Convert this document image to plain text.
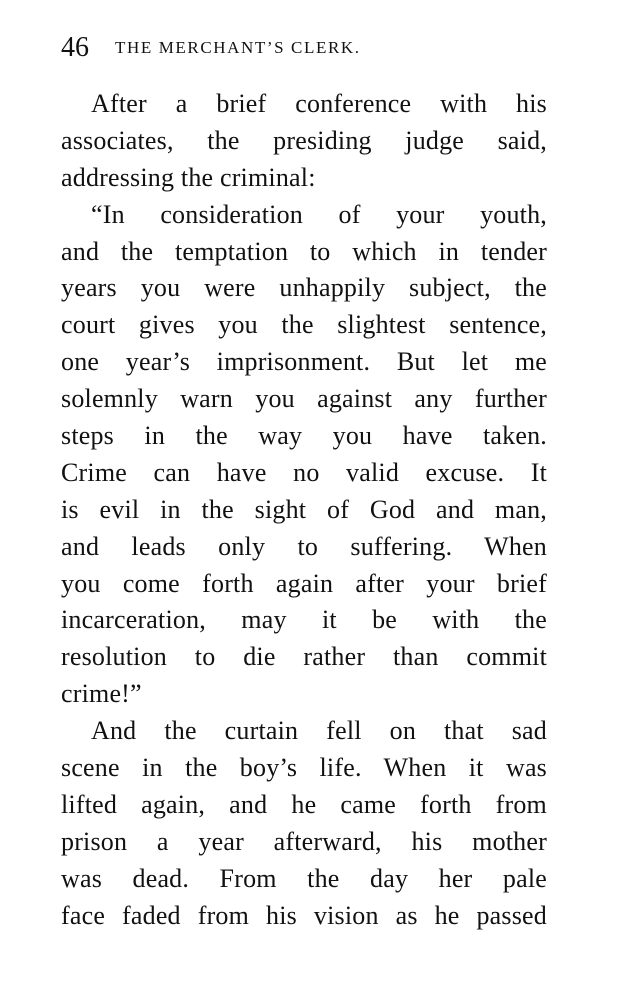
46 THE MERCHANT’S CLERK.
After a brief conference with his
associates, the presiding judge said,
addressing the criminal:
“In consideration of your youth,
and the temptation to which in tender
years you were unhappily subject, the
court gives you the slightest sentence,
one year’s imprisonment. But let me
solemnly warn you against any further
steps in the way you have taken.
Crime can have no valid excuse. It
is evil in the sight of God and man,
and leads only to suffering. When
you come forth again after your brief
incarceration, may it be with the
resolution to die rather than commit
crime!”
And the curtain fell on that sad
scene in the boy’s life. When it was
lifted again, and he came forth from
prison a year afterward, his mother
was dead. From the day her pale
face faded from his vision as he passed
